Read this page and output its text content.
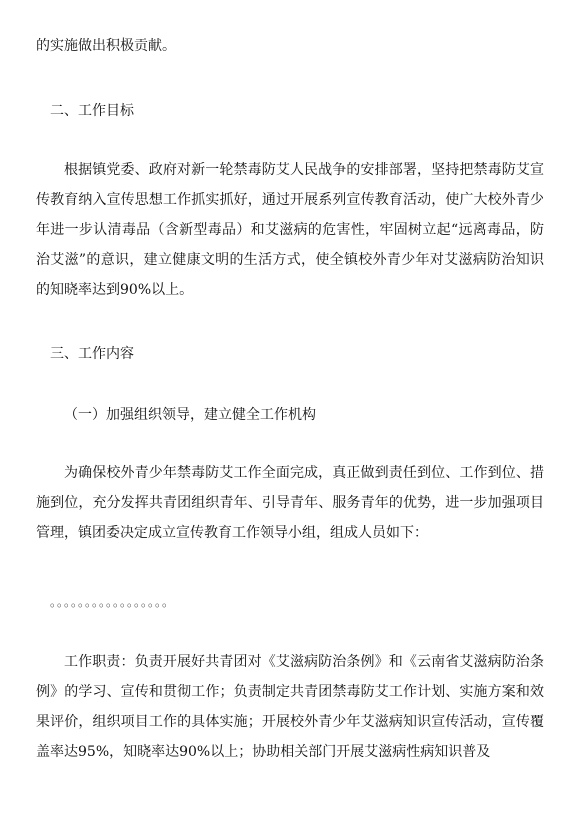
的实施做出积极贡献。
二、工作目标

根据镇党委、政府对新一轮禁毒防艾人民战争的安排部署，坚持把禁毒防艾宣传教育纳入宣传思想工作抓实抓好，通过开展系列宣传教育活动，使广大校外青少年进一步认清毒品（含新型毒品）和艾滋病的危害性，牢固树立起“远离毒品，防治艾滋”的意识，建立健康文明的生活方式，使全镇校外青少年对艾滋病防治知识的知晓率达到90%以上。

三、工作内容
（一）加强组织领导，建立健全工作机构

为确保校外青少年禁毒防艾工作全面完成，真正做到责任到位、工作到位、措施到位，充分发挥共青团组织青年、引导青年、服务青年的优势，进一步加强项目管理，镇团委决定成立宣传教育工作领导小组，组成人员如下：

。。。。。。。。。。。。。。。。。

工作职责：负责开展好共青团对《艾滋病防治条例》和《云南省艾滋病防治条例》的学习、宣传和贯彻工作；负责制定共青团禁毒防艾工作计划、实施方案和效果评价，组织项目工作的具体实施；开展校外青少年艾滋病知识宣传活动，宣传覆盖率达95%，知晓率达90%以上；协助相关部门开展艾滋病性病知识普及
